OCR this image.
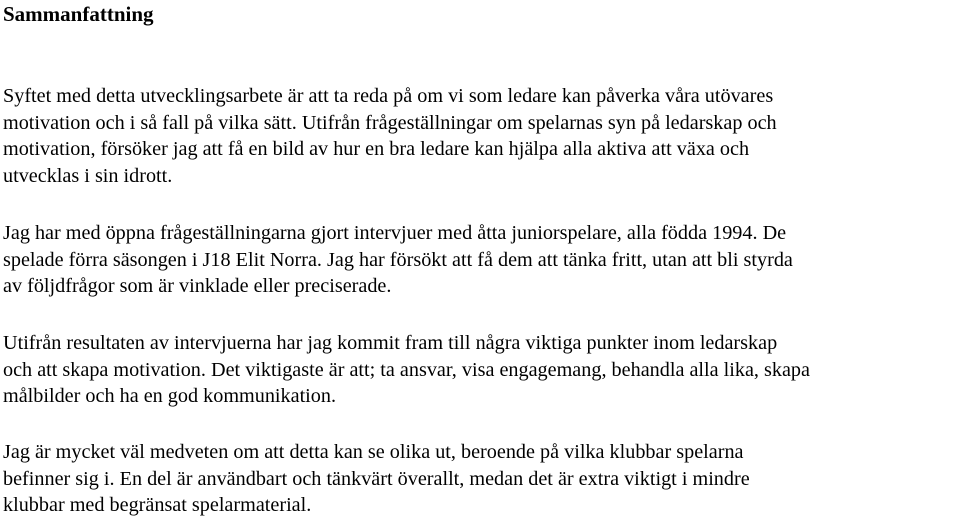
Sammanfattning

Syftet med detta utvecklingsarbete är att ta reda på om vi som ledare kan påverka våra utövares
motivation och i så fall på vilka sätt. Utifrån frågeställningar om spelarnas syn på ledarskap och
motivation, försöker jag att få en bild av hur en bra ledare kan hjälpa alla aktiva att växa och
utvecklas i sin idrott.

Jag har med öppna frågeställningarna gjort intervjuer med åtta juniorspelare, alla födda 1994. De
spelade förra säsongen i J18 Elit Norra. Jag har försökt att få dem att tänka fritt, utan att bli styrda
av följdfrågor som är vinklade eller preciserade.

Utifrån resultaten av intervjuerna har jag kommit fram till några viktiga punkter inom ledarskap
och att skapa motivation. Det viktigaste är att; ta ansvar, visa engagemang, behandla alla lika, skapa
målbilder och ha en god kommunikation.

Jag är mycket väl medveten om att detta kan se olika ut, beroende på vilka klubbar spelarna
befinner sig i. En del är användbart och tänkvärt överallt, medan det är extra viktigt i mindre
klubbar med begränsat spelarmaterial.
